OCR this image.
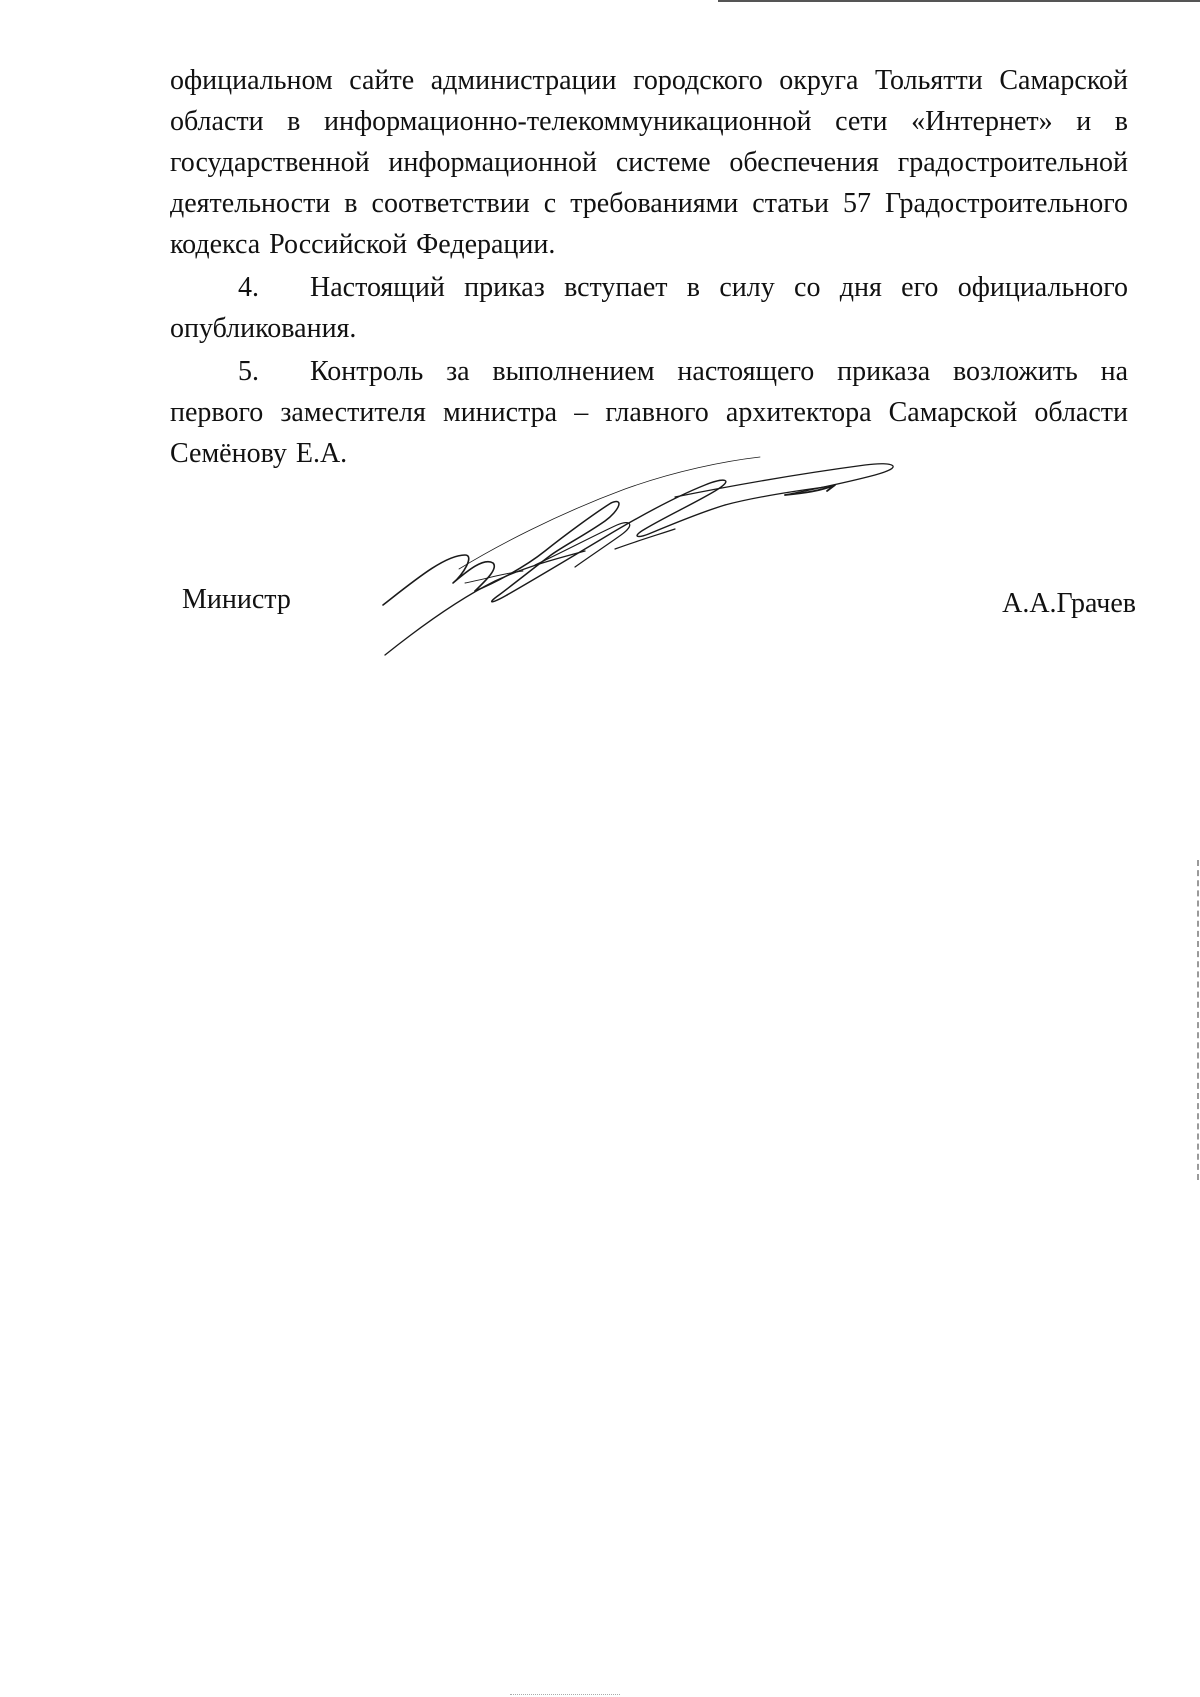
официальном сайте администрации городского округа Тольятти Самарской области в информационно-телекоммуникационной сети «Интернет» и в государственной информационной системе обеспечения градостроительной деятельности в соответствии с требованиями статьи 57 Градостроительного кодекса Российской Федерации.

4. Настоящий приказ вступает в силу со дня его официального опубликования.

5. Контроль за выполнением настоящего приказа возложить на первого заместителя министра – главного архитектора Самарской области Семёнову Е.А.

Министр	А.А.Грачев
